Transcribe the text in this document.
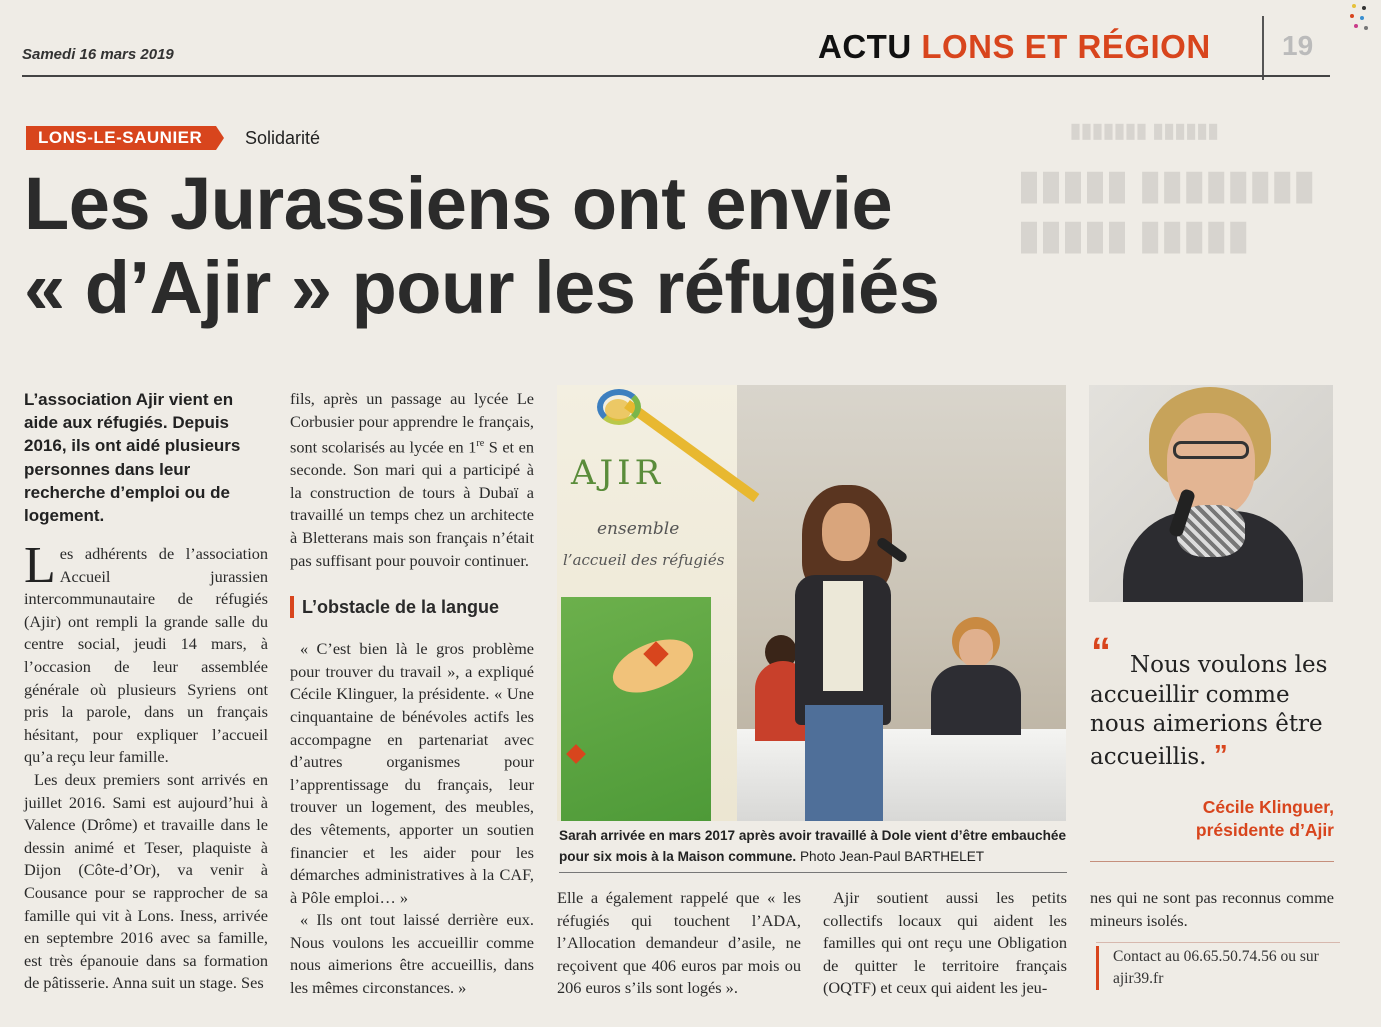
Samedi 16 mars 2019	ACTU LONS ET RÉGION	19
▮▮▮▮▮▮▮ ▮▮▮▮▮▮
▮▮▮▮▮ ▮▮▮▮▮▮▮▮
▮▮▮▮▮ ▮▮▮▮▮
LONS-LE-SAUNIER	Solidarité
Les Jurassiens ont envie
« d’Ajir » pour les réfugiés
L’association Ajir vient en aide aux réfugiés. Depuis 2016, ils ont aidé plusieurs personnes dans leur recherche d’emploi ou de logement.

Les adhérents de l’association Accueil jurassien intercommunautaire de réfugiés (Ajir) ont rempli la grande salle du centre social, jeudi 14 mars, à l’occasion de leur assemblée générale où plusieurs Syriens ont pris la parole, dans un français hésitant, pour expliquer l’accueil qu’a reçu leur famille.

Les deux premiers sont arrivés en juillet 2016. Sami est aujourd’hui à Valence (Drôme) et travaille dans le dessin animé et Teser, plaquiste à Dijon (Côte-d’Or), va venir à Cousance pour se rapprocher de sa famille qui vit à Lons. Iness, arrivée en septembre 2016 avec sa famille, est très épanouie dans sa formation de pâtisserie. Anna suit un stage. Ses

fils, après un passage au lycée Le Corbusier pour apprendre le français, sont scolarisés au lycée en 1re S et en seconde. Son mari qui a participé à la construction de tours à Dubaï a travaillé un temps chez un architecte à Bletterans mais son français n’était pas suffisant pour pouvoir continuer.

L’obstacle de la langue

« C’est bien là le gros problème pour trouver du travail », a expliqué Cécile Klinguer, la présidente. « Une cinquantaine de bénévoles actifs les accompagne en partenariat avec d’autres organismes pour l’apprentissage du français, leur trouver un logement, des meubles, des vêtements, apporter un soutien financier et les aider pour les démarches administratives à la CAF, à Pôle emploi… »

« Ils ont tout laissé derrière eux. Nous voulons les accueillir comme nous aimerions être accueillis, dans les mêmes circonstances. »

AJIR
ensemble
l’accueil des réfugiés
Sarah arrivée en mars 2017 après avoir travaillé à Dole vient d’être embauchée pour six mois à la Maison commune. Photo Jean-Paul BARTHELET

Elle a également rappelé que « les réfugiés qui touchent l’ADA, l’Allocation demandeur d’asile, ne reçoivent que 406 euros par mois ou 206 euros s’ils sont logés ».

Ajir soutient aussi les petits collectifs locaux qui aident les familles qui ont reçu une Obligation de quitter le territoire français (OQTF) et ceux qui aident les jeu-

“ Nous voulons les accueillir comme nous aimerions être accueillis. ”
Cécile Klinguer,
présidente d’Ajir

nes qui ne sont pas reconnus comme mineurs isolés.

Contact au 06.65.50.74.56 ou sur ajir39.fr
